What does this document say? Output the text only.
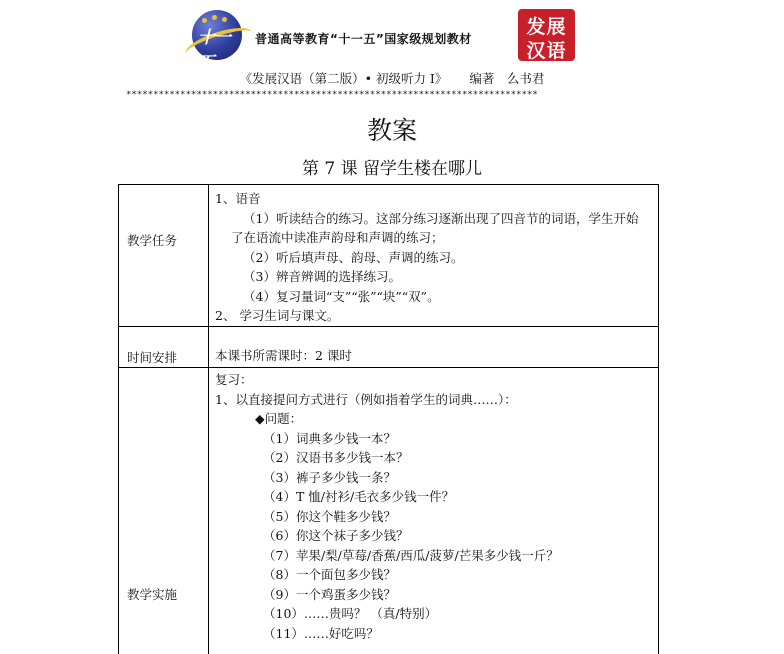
十一五
普通高等教育“十一五”国家级规划教材
发展
汉语
《发展汉语（第二版）• 初级听力 I》 编著　么书君
****************************************************************************
教案
第 7 课 留学生楼在哪儿
教学任务
1、语音
（1）听读结合的练习。这部分练习逐渐出现了四音节的词语，学生开始
了在语流中读准声韵母和声调的练习；
（2）听后填声母、韵母、声调的练习。
（3）辨音辨调的选择练习。
（4）复习量词“支”“张”“块”“双”。
2、 学习生词与课文。
时间安排	本课书所需课时：2 课时
教学实施
复习：
1、以直接提问方式进行（例如指着学生的词典……）：
◆问题：
（1）词典多少钱一本？
（2）汉语书多少钱一本？
（3）裤子多少钱一条？
（4）T 恤/衬衫/毛衣多少钱一件？
（5）你这个鞋多少钱？
（6）你这个袜子多少钱？
（7）苹果/梨/草莓/香蕉/西瓜/菠萝/芒果多少钱一斤？
（8）一个面包多少钱？
（9）一个鸡蛋多少钱？
（10）……贵吗？ （真/特别）
（11）……好吃吗？
